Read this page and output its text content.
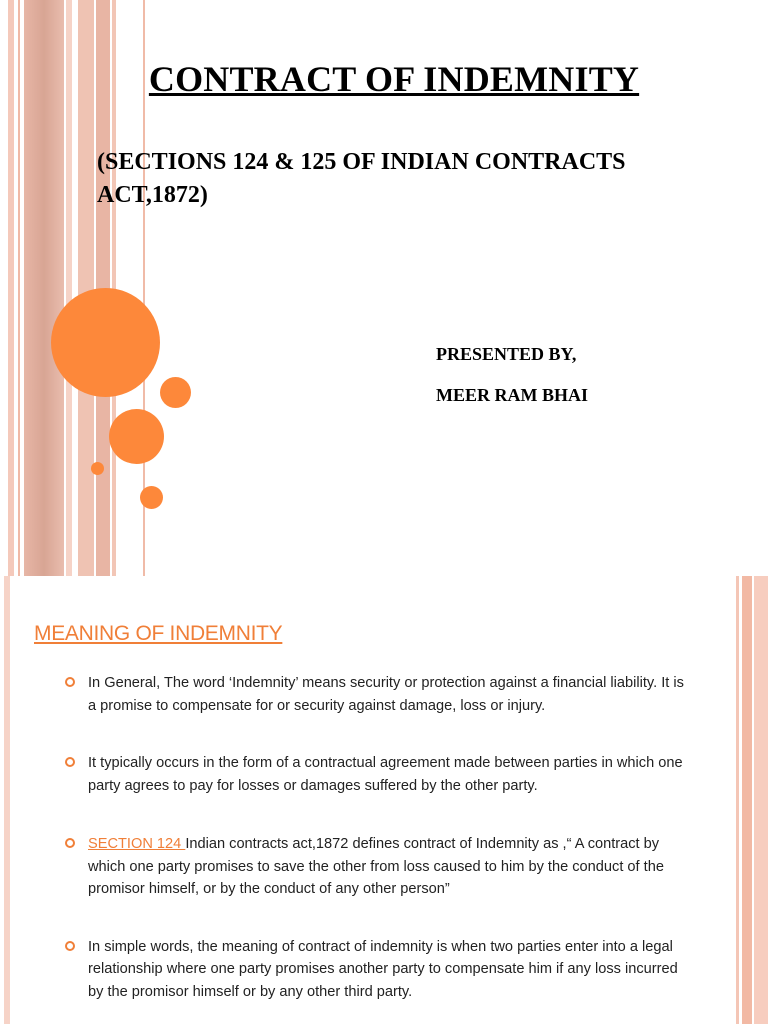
CONTRACT OF INDEMNITY

(SECTIONS 124 & 125 OF INDIAN CONTRACTS ACT,1872)

PRESENTED BY,
MEER RAM BHAI
MEANING OF INDEMNITY
In General, The word ‘Indemnity’ means security or protection against a financial liability. It is a promise to compensate for or security against damage, loss or injury.
It typically occurs in the form of a contractual agreement made between parties in which one party agrees to pay for losses or damages suffered by the other party.
SECTION 124 Indian contracts act,1872 defines contract of Indemnity as ,“ A contract by which one party promises to save the other from loss caused to him by the conduct of the promisor himself, or by the conduct of any other person”
In simple words, the meaning of contract of indemnity is when two parties enter into a legal relationship where one party promises another party to compensate him if any loss incurred by the promisor himself or by any other third party.
